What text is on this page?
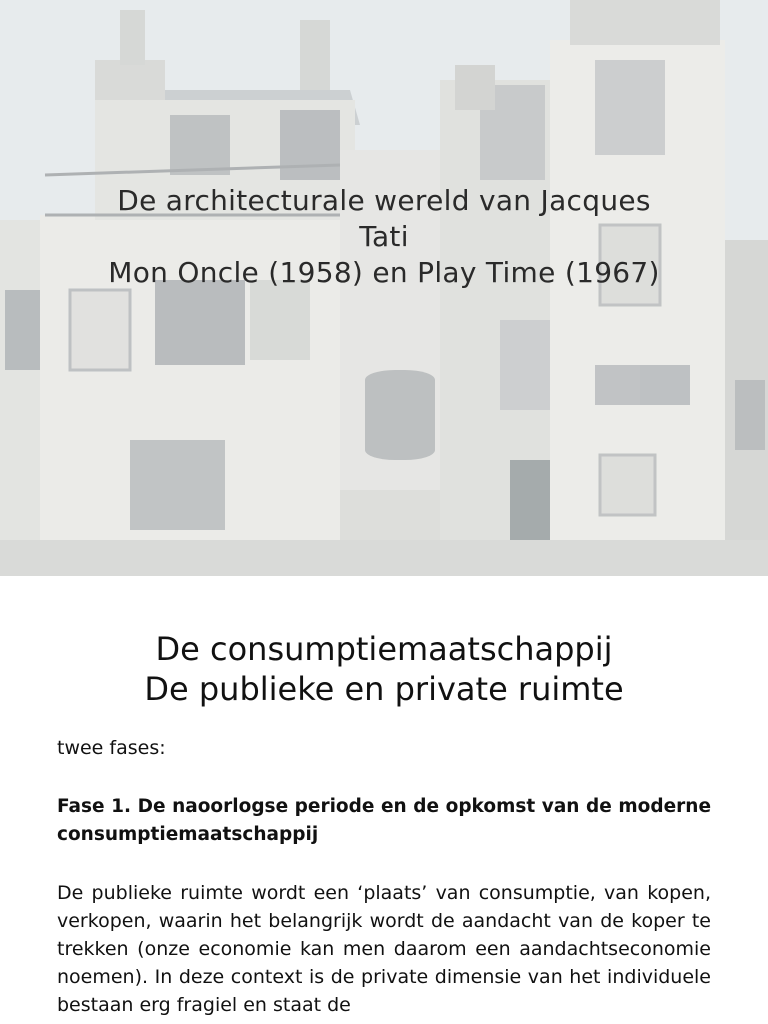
De architecturale wereld van Jacques
Tati
Mon Oncle (1958) en Play Time (1967)
De consumptiemaatschappij
De publieke en private ruimte

twee fases:

Fase 1. De naoorlogse periode en de opkomst van de moderne consumptiemaatschappij

De publieke ruimte wordt een ‘plaats’ van consumptie, van kopen, verkopen, waarin het belangrijk wordt de aandacht van de koper te trekken (onze economie kan men daarom een aandachtseconomie noemen). In deze context is de private dimensie van het individuele bestaan erg fragiel en staat de
